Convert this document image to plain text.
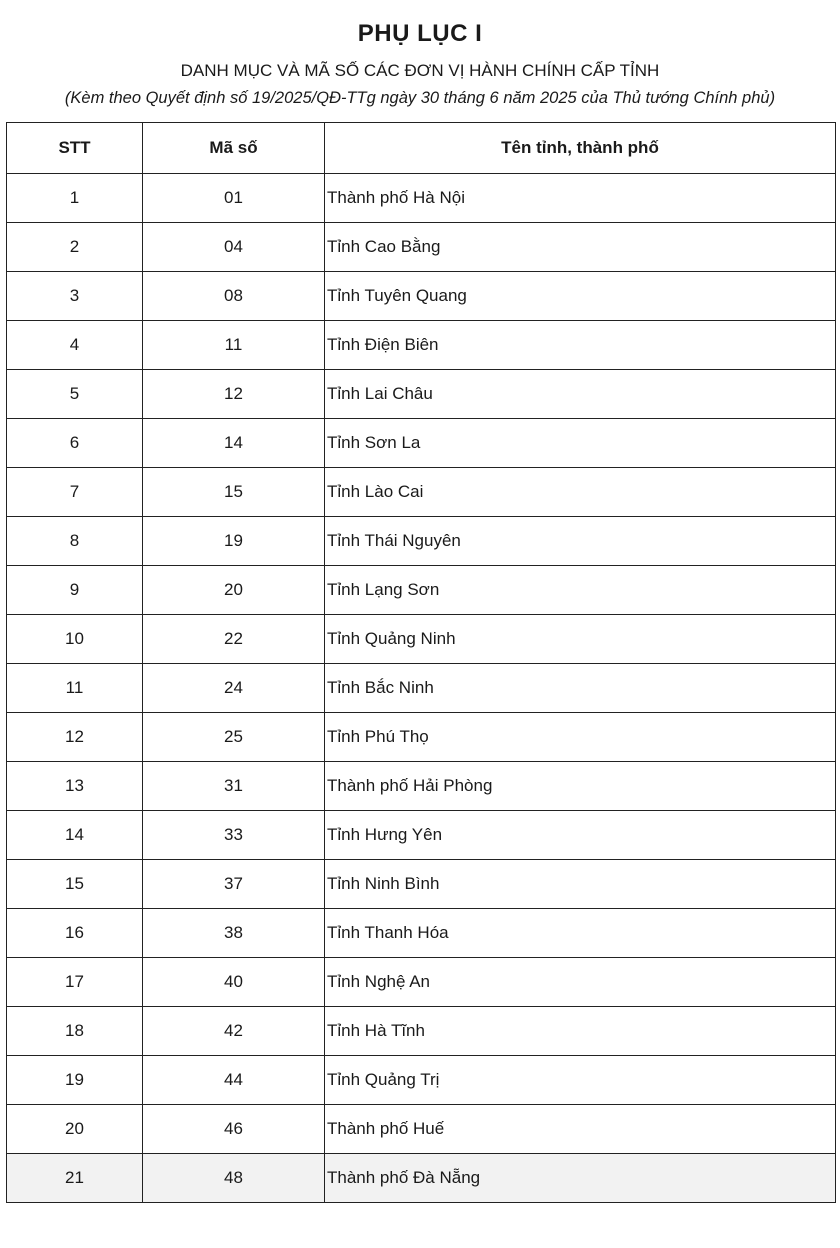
PHỤ LỤC I
DANH MỤC VÀ MÃ SỐ CÁC ĐƠN VỊ HÀNH CHÍNH CẤP TỈNH
(Kèm theo Quyết định số 19/2025/QĐ-TTg ngày 30 tháng 6 năm 2025 của Thủ tướng Chính phủ)
STT	Mã số	Tên tỉnh, thành phố
1	01	Thành phố Hà Nội
2	04	Tỉnh Cao Bằng
3	08	Tỉnh Tuyên Quang
4	11	Tỉnh Điện Biên
5	12	Tỉnh Lai Châu
6	14	Tỉnh Sơn La
7	15	Tỉnh Lào Cai
8	19	Tỉnh Thái Nguyên
9	20	Tỉnh Lạng Sơn
10	22	Tỉnh Quảng Ninh
11	24	Tỉnh Bắc Ninh
12	25	Tỉnh Phú Thọ
13	31	Thành phố Hải Phòng
14	33	Tỉnh Hưng Yên
15	37	Tỉnh Ninh Bình
16	38	Tỉnh Thanh Hóa
17	40	Tỉnh Nghệ An
18	42	Tỉnh Hà Tĩnh
19	44	Tỉnh Quảng Trị
20	46	Thành phố Huế
21	48	Thành phố Đà Nẵng
